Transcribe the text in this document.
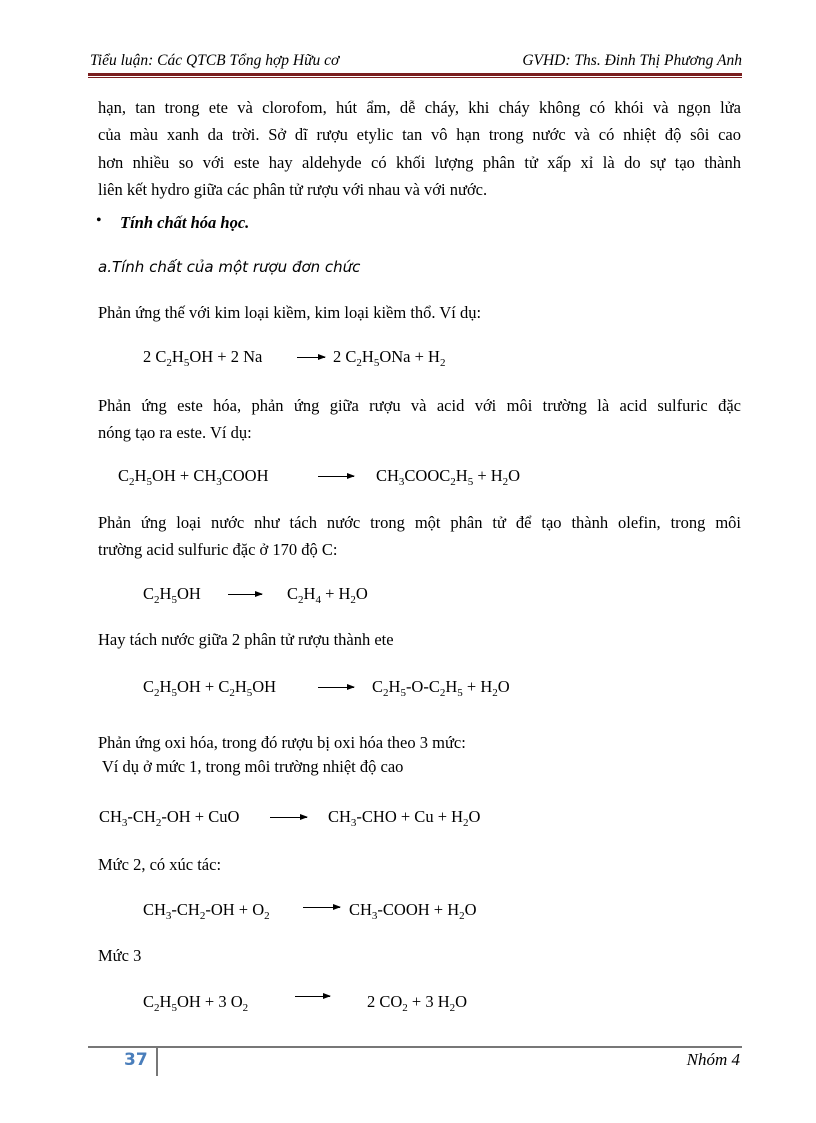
Tiểu luận: Các QTCB Tổng hợp Hữu cơ	GVHD: Ths. Đinh Thị Phương Anh
hạn, tan trong ete và clorofom, hút ẩm, dễ cháy, khi cháy không có khói và ngọn lửa
của màu xanh da trời. Sở dĩ rượu etylic tan vô hạn trong nước và có nhiệt độ sôi cao
hơn nhiều so với este hay aldehyde có khối lượng phân tử xấp xỉ là do sự tạo thành
liên kết hydro giữa các phân tử rượu với nhau và với nước.
• Tính chất hóa học.
a.Tính chất của một rượu đơn chức
Phản ứng thế với kim loại kiềm, kim loại kiềm thổ. Ví dụ:
2 $C_2H_5OH + 2$ Na	2 $C_2H_5ONa + H_2$
Phản ứng este hóa, phản ứng giữa rượu và acid với môi trường là acid sulfuric đặc
nóng tạo ra este. Ví dụ:
$C_2H_5OH$ + $CH_3COOH$	$CH_3COOC_2H_5 + H_2O$
Phản ứng loại nước như tách nước trong một phân tử để tạo thành olefin, trong môi
trường acid sulfuric đặc ở 170 độ C:
$C_2H_5OH$	$C_2H_4 + H_2O$
Hay tách nước giữa 2 phân tử rượu thành ete
$C_2H_5OH + C_2H_5OH$	$C_2H_5-O-C_2H_5 + H_2O$
Phản ứng oxi hóa, trong đó rượu bị oxi hóa theo 3 mức:
Ví dụ ở mức 1, trong môi trường nhiệt độ cao
$CH_3-CH_2-OH$ + CuO	$CH_3$-CHO + $Cu + H_2O$
Mức 2, có xúc tác:
$CH_3-CH_2-OH + O_2$	$CH_3$-COOH + $H_2O$
Mức 3
$C_2H_5OH + 3$ $O_2$	2 $CO_2 + 3$ $H_2O$
37	Nhóm 4
